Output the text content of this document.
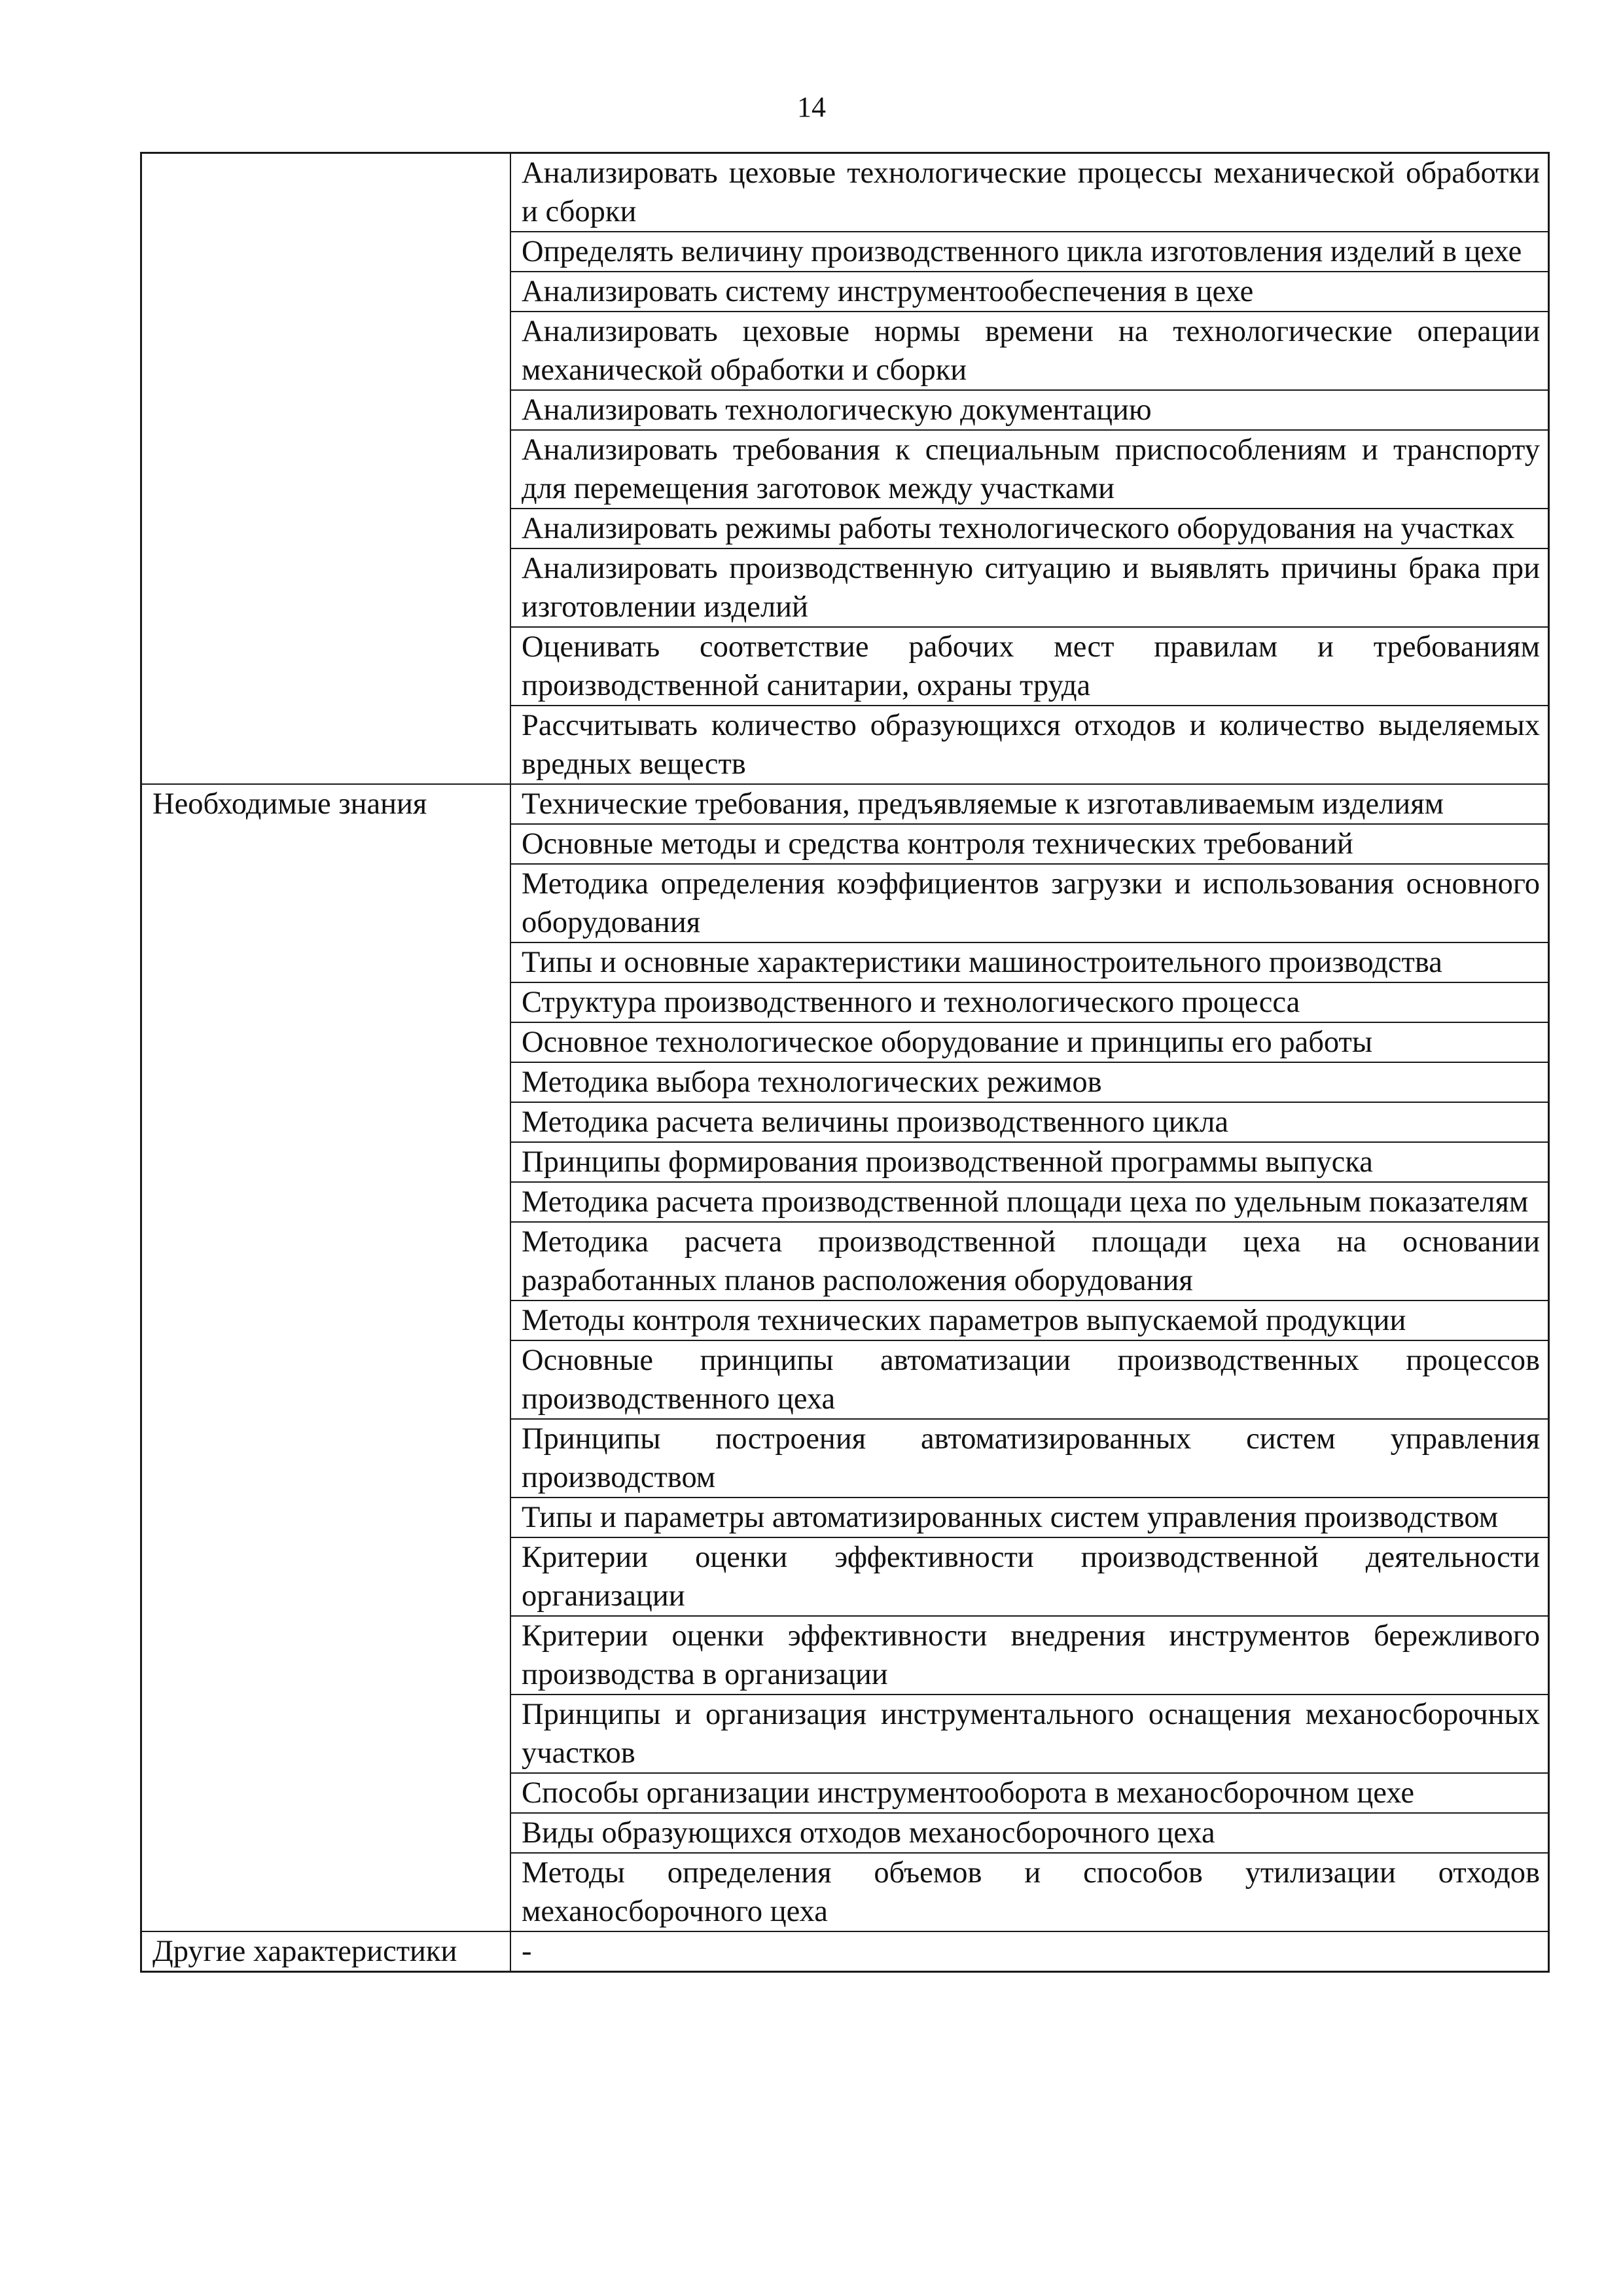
14
	Анализировать цеховые технологические процессы механической обработки и сборки
	Определять величину производственного цикла изготовления изделий в цехе
	Анализировать систему инструментообеспечения в цехе
	Анализировать цеховые нормы времени на технологические операции механической обработки и сборки
	Анализировать технологическую документацию
	Анализировать требования к специальным приспособлениям и транспорту для перемещения заготовок между участками
	Анализировать режимы работы технологического оборудования на участках
	Анализировать производственную ситуацию и выявлять причины брака при изготовлении изделий
	Оценивать соответствие рабочих мест правилам и требованиям производственной санитарии, охраны труда
	Рассчитывать количество образующихся отходов и количество выделяемых вредных веществ
Необходимые знания	Технические требования, предъявляемые к изготавливаемым изделиям
	Основные методы и средства контроля технических требований
	Методика определения коэффициентов загрузки и использования основного оборудования
	Типы и основные характеристики машиностроительного производства
	Структура производственного и технологического процесса
	Основное технологическое оборудование и принципы его работы
	Методика выбора технологических режимов
	Методика расчета величины производственного цикла
	Принципы формирования производственной программы выпуска
	Методика расчета производственной площади цеха по удельным показателям
	Методика расчета производственной площади цеха на основании разработанных планов расположения оборудования
	Методы контроля технических параметров выпускаемой продукции
	Основные принципы автоматизации производственных процессов производственного цеха
	Принципы построения автоматизированных систем управления производством
	Типы и параметры автоматизированных систем управления производством
	Критерии оценки эффективности производственной деятельности организации
	Критерии оценки эффективности внедрения инструментов бережливого производства в организации
	Принципы и организация инструментального оснащения механосборочных участков
	Способы организации инструментооборота в механосборочном цехе
	Виды образующихся отходов механосборочного цеха
	Методы определения объемов и способов утилизации отходов механосборочного цеха
Другие характеристики	-
